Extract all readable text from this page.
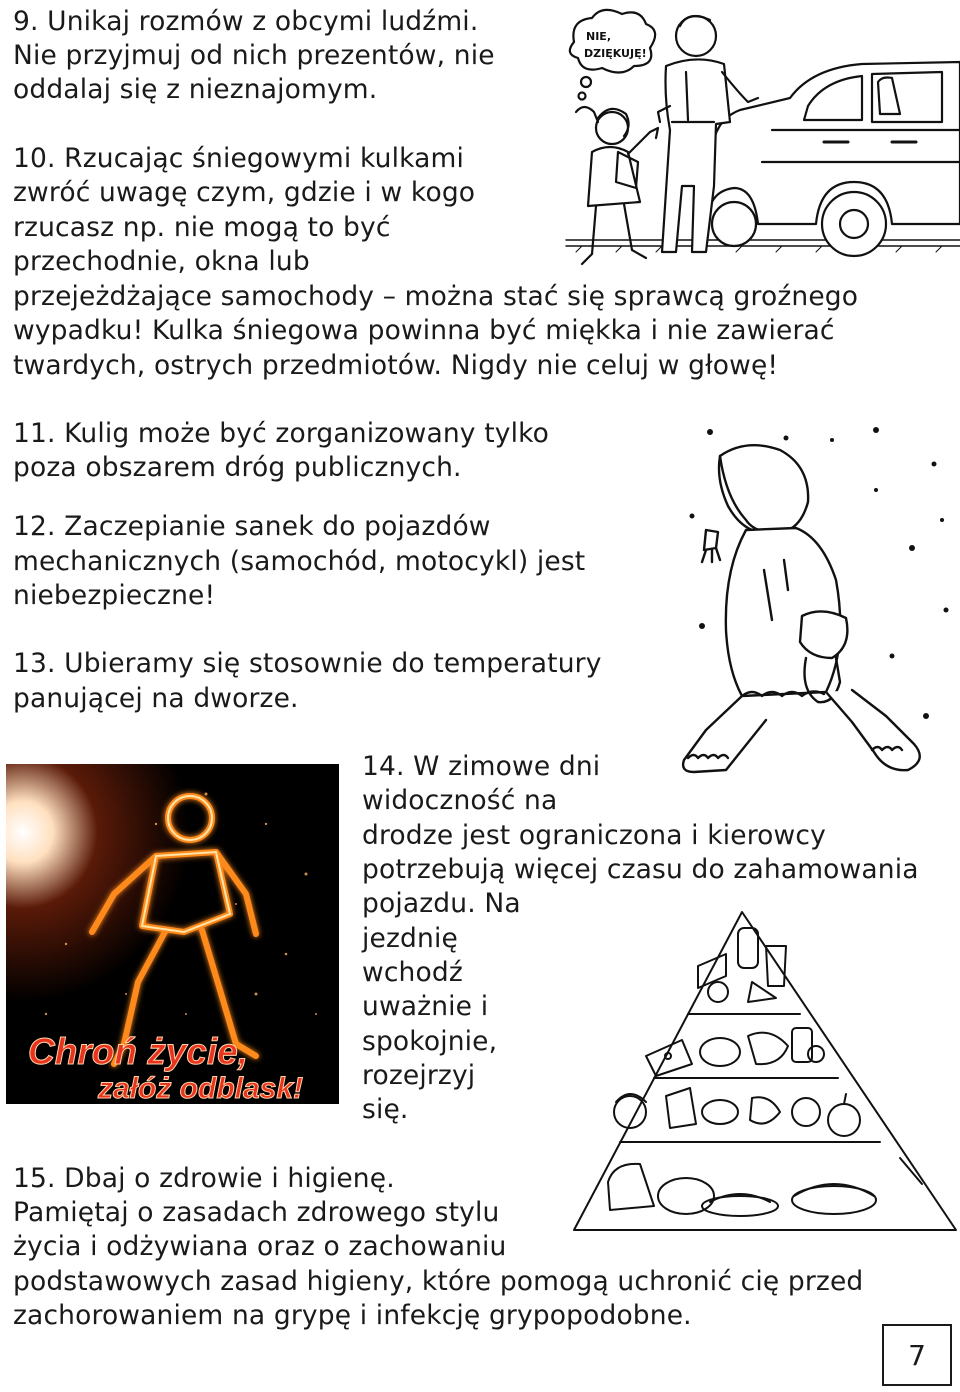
9. Unikaj rozmów z obcymi ludźmi.

Nie przyjmuj od nich prezentów, nie

oddalaj się z nieznajomym.

10. Rzucając śniegowymi kulkami

zwróć uwagę czym, gdzie i w kogo

rzucasz np. nie mogą to być

przechodnie, okna lub

przejeżdżające samochody – można stać się sprawcą groźnego

wypadku! Kulka śniegowa powinna być miękka i nie zawierać

twardych, ostrych przedmiotów. Nigdy nie celuj w głowę!

11. Kulig może być zorganizowany tylko

poza obszarem dróg publicznych.

12. Zaczepianie sanek do pojazdów

mechanicznych (samochód, motocykl) jest

niebezpieczne!

13. Ubieramy się stosownie do temperatury

panującej na dworze.

14. W zimowe dni

widoczność na

drodze jest ograniczona i kierowcy

potrzebują więcej czasu do zahamowania

pojazdu. Na

jezdnię

wchodź

uważnie i

spokojnie,

rozejrzyj

się.

15. Dbaj o zdrowie i higienę.

Pamiętaj o zasadach zdrowego stylu

życia i odżywiana oraz o zachowaniu

podstawowych zasad higieny, które pomogą uchronić cię przed

zachorowaniem na grypę i infekcję grypopodobne.

NIE,
DZIĘKUJĘ!
Chroń życie,
załóż odblask!
7
